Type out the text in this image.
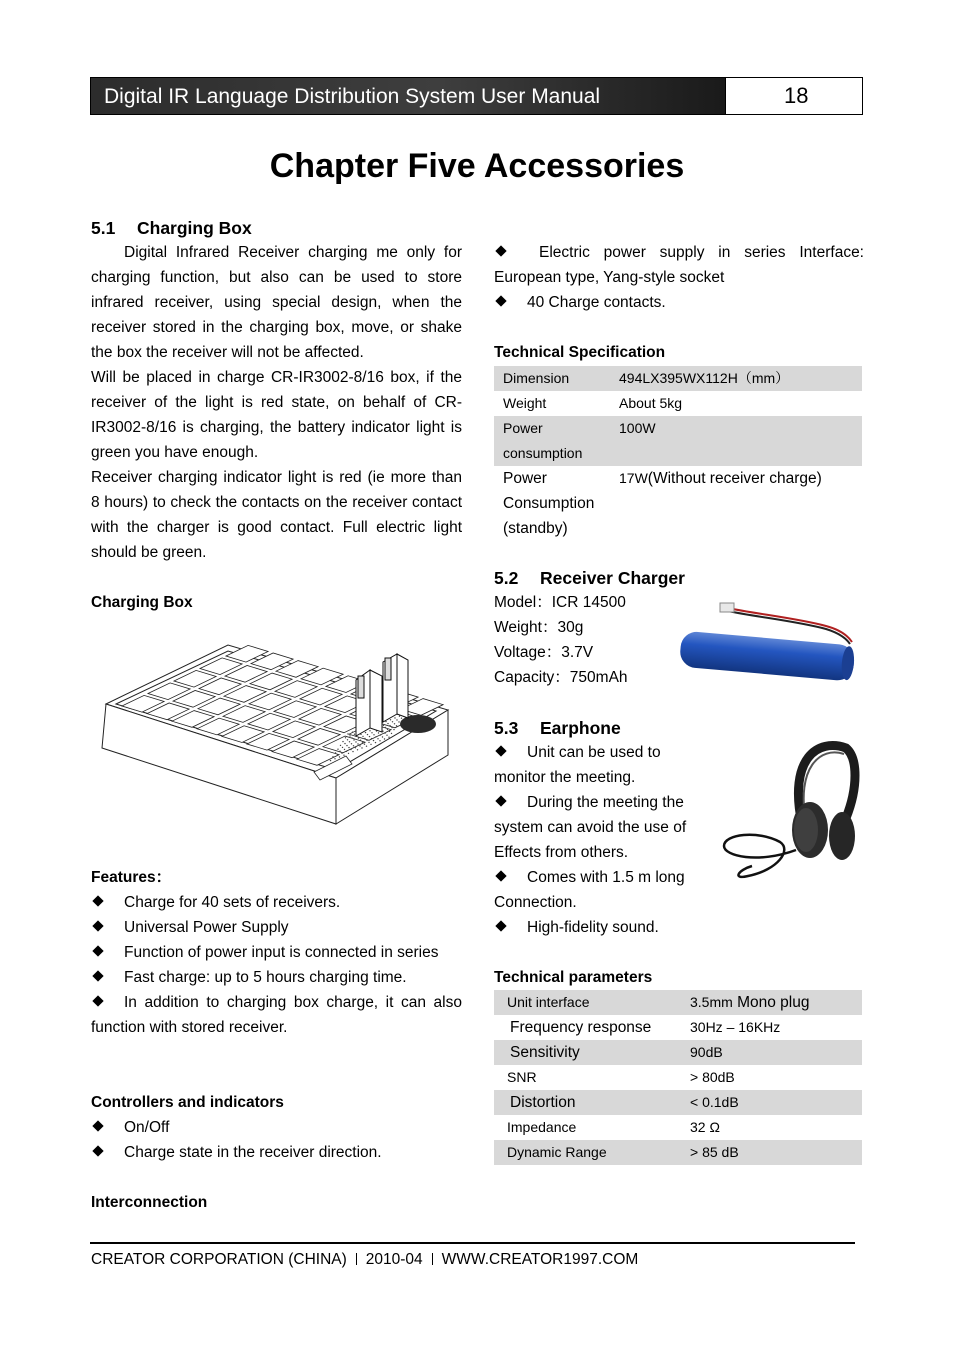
Digital IR Language Distribution System User Manual	18
Chapter Five Accessories
5.1 Charging Box

Digital Infrared Receiver charging me only for charging function, but also can be used to store infrared receiver, using special design, when the receiver stored in the charging box, move, or shake the box the receiver will not be affected.

Will be placed in charge CR-IR3002-8/16 box, if the receiver of the light is red state, on behalf of CR-IR3002-8/16 is charging, the battery indicator light is green you have enough.

Receiver charging indicator light is red (ie more than 8 hours) to check the contacts on the receiver contact with the charger is good contact. Full electric light should be green.

Charging Box
Features：
Charge for 40 sets of receivers.
Universal Power Supply
Function of power input is connected in series
Fast charge: up to 5 hours charging time.
In addition to charging box charge, it can also function with stored receiver.
Controllers and indicators
On/Off
Charge state in the receiver direction.
Interconnection
Electric power supply in series Interface: European type, Yang-style socket
40 Charge contacts.
Technical Specification
Dimension	494LX395WX112H（mm）
Weight	About 5kg
Power consumption	100W
Power Consumption (standby)	17W(Without receiver charge)
5.2 Receiver Charger
Model：ICR 14500
Weight：30g
Voltage：3.7V
Capacity：750mAh
5.3 Earphone
Unit can be used to monitor the meeting.
During the meeting the system can avoid the use of Effects from others.
Comes with 1.5 m long Connection.
High-fidelity sound.
Technical parameters
Unit interface	3.5mm Mono plug
Frequency response	30Hz – 16KHz
Sensitivity	90dB
SNR	> 80dB
Distortion	< 0.1dB
Impedance	32 Ω
Dynamic Range	> 85 dB
CREATOR CORPORATION (CHINA) 2010-04 WWW.CREATOR1997.COM
